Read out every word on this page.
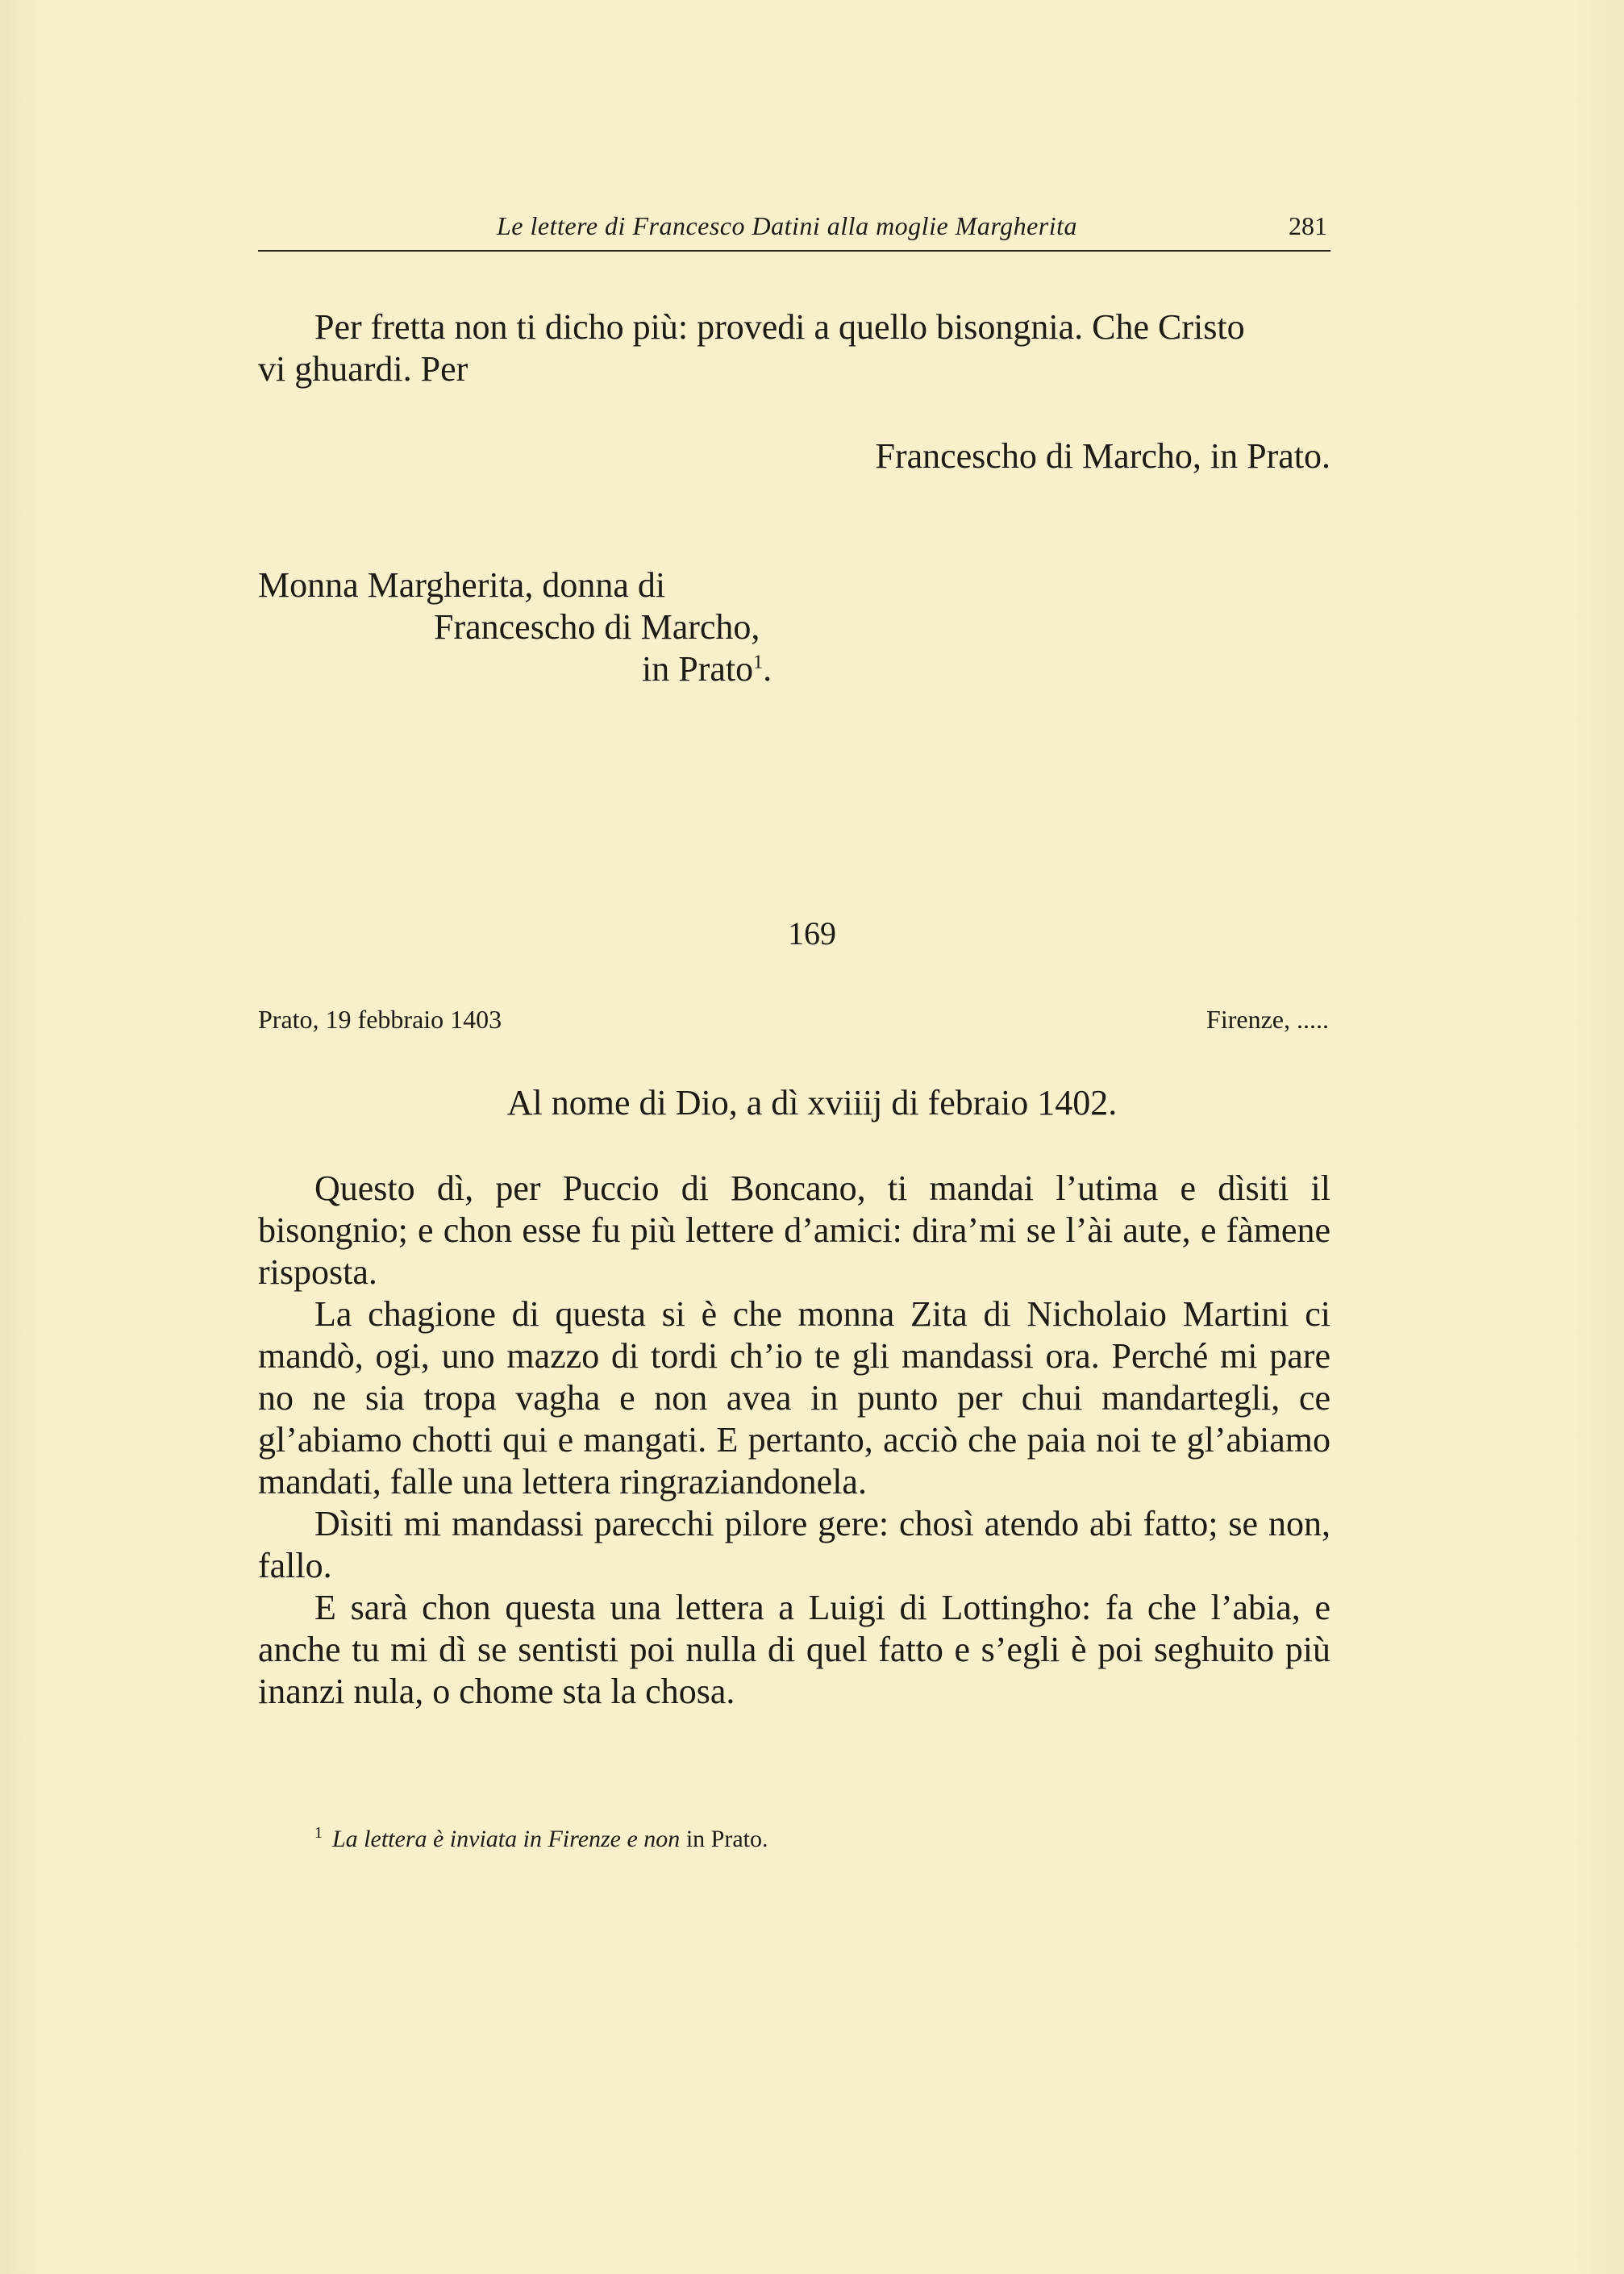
Le lettere di Francesco Datini alla moglie Margherita	281
Per fretta non ti dicho più: provedi a quello bisongnia. Che Cristo
vi ghuardi. Per
Francescho di Marcho, in Prato.
Monna Margherita, donna di
Francescho di Marcho,
in Prato$^1$.
169
Prato, 19 febbraio 1403	Firenze, .....
Al nome di Dio, a dì xviiij di febraio 1402.

Questo dì, per Puccio di Boncano, ti mandai l’utima e dìsiti il bisongnio; e chon esse fu più lettere d’amici: dira’mi se l’ài aute, e fàmene risposta.

La chagione di questa si è che monna Zita di Nicholaio Martini ci mandò, ogi, uno mazzo di tordi ch’io te gli mandassi ora. Perché mi pare no ne sia tropa vagha e non avea in punto per chui mandartegli, ce gl’abiamo chotti qui e mangati. E pertanto, acciò che paia noi te gl’abiamo mandati, falle una lettera ringraziandonela.

Dìsiti mi mandassi parecchi pilore gere: chosì atendo abi fatto; se non, fallo.

E sarà chon questa una lettera a Luigi di Lottingho: fa che l’abia, e anche tu mi dì se sentisti poi nulla di quel fatto e s’egli è poi seghuito più inanzi nula, o chome sta la chosa.

$^1$ La lettera è inviata in Firenze e non in Prato.
